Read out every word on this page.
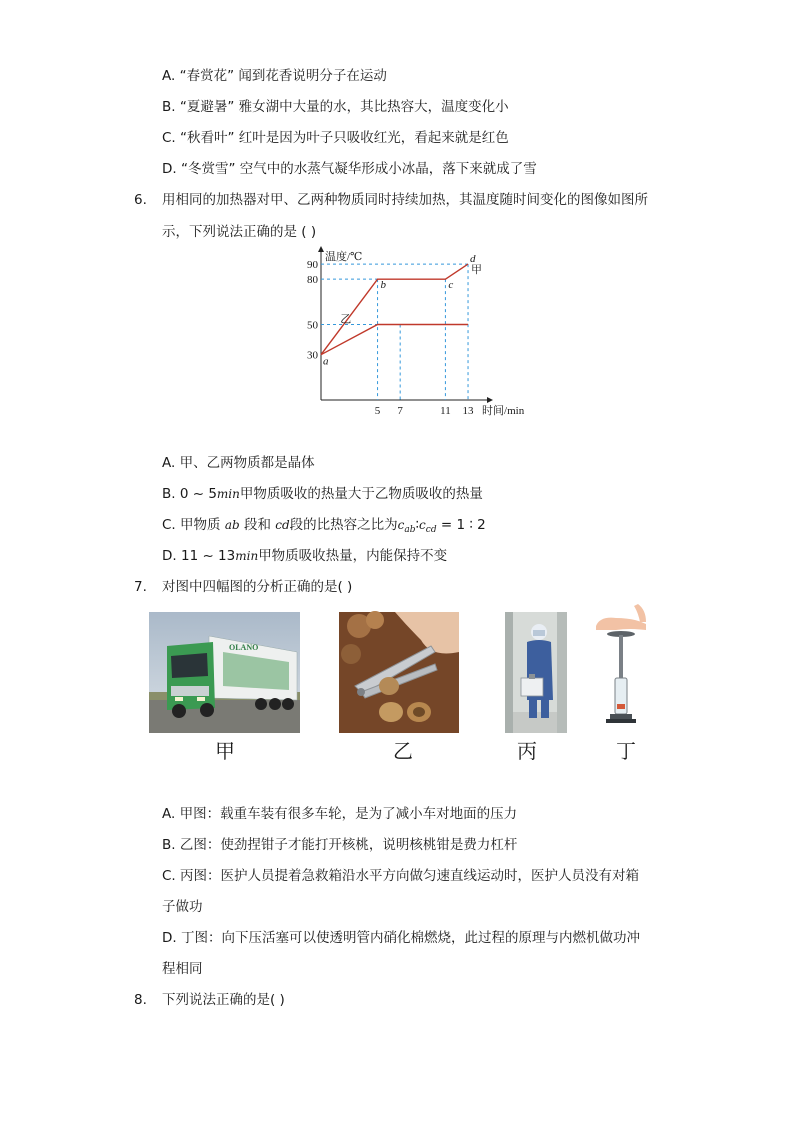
A. “春赏花” 闻到花香说明分子在运动
B. “夏避暑” 雅女湖中大量的水，其比热容大，温度变化小
C. “秋看叶” 红叶是因为叶子只吸收红光，看起来就是红色
D. “冬赏雪” 空气中的水蒸气凝华形成小冰晶，落下来就成了雪
6. 用相同的加热器对甲、乙两种物质同时持续加热，其温度随时间变化的图像如图所
示，下列说法正确的是 ( )
温度/℃
时间/min
5 7	11 13
30
50
80
90	甲
乙
a
b	c
d
A. 甲、乙两物质都是晶体
B. 0 ~ 5min甲物质吸收的热量大于乙物质吸收的热量
C. 甲物质 ab 段和 cd段的比热容之比为$c_{ab}∶c_{cd} = 1$ ∶ 2
D. 11 ~ 13min甲物质吸收热量，内能保持不变
7. 对图中四幅图的分析正确的是( )
OLANO
甲	乙	丙	丁
A. 甲图：载重车装有很多车轮，是为了减小车对地面的压力
B. 乙图：使劲捏钳子才能打开核桃，说明核桃钳是费力杠杆
C. 丙图：医护人员提着急救箱沿水平方向做匀速直线运动时，医护人员没有对箱
子做功
D. 丁图：向下压活塞可以使透明管内硝化棉燃烧，此过程的原理与内燃机做功冲
程相同
8. 下列说法正确的是( )
